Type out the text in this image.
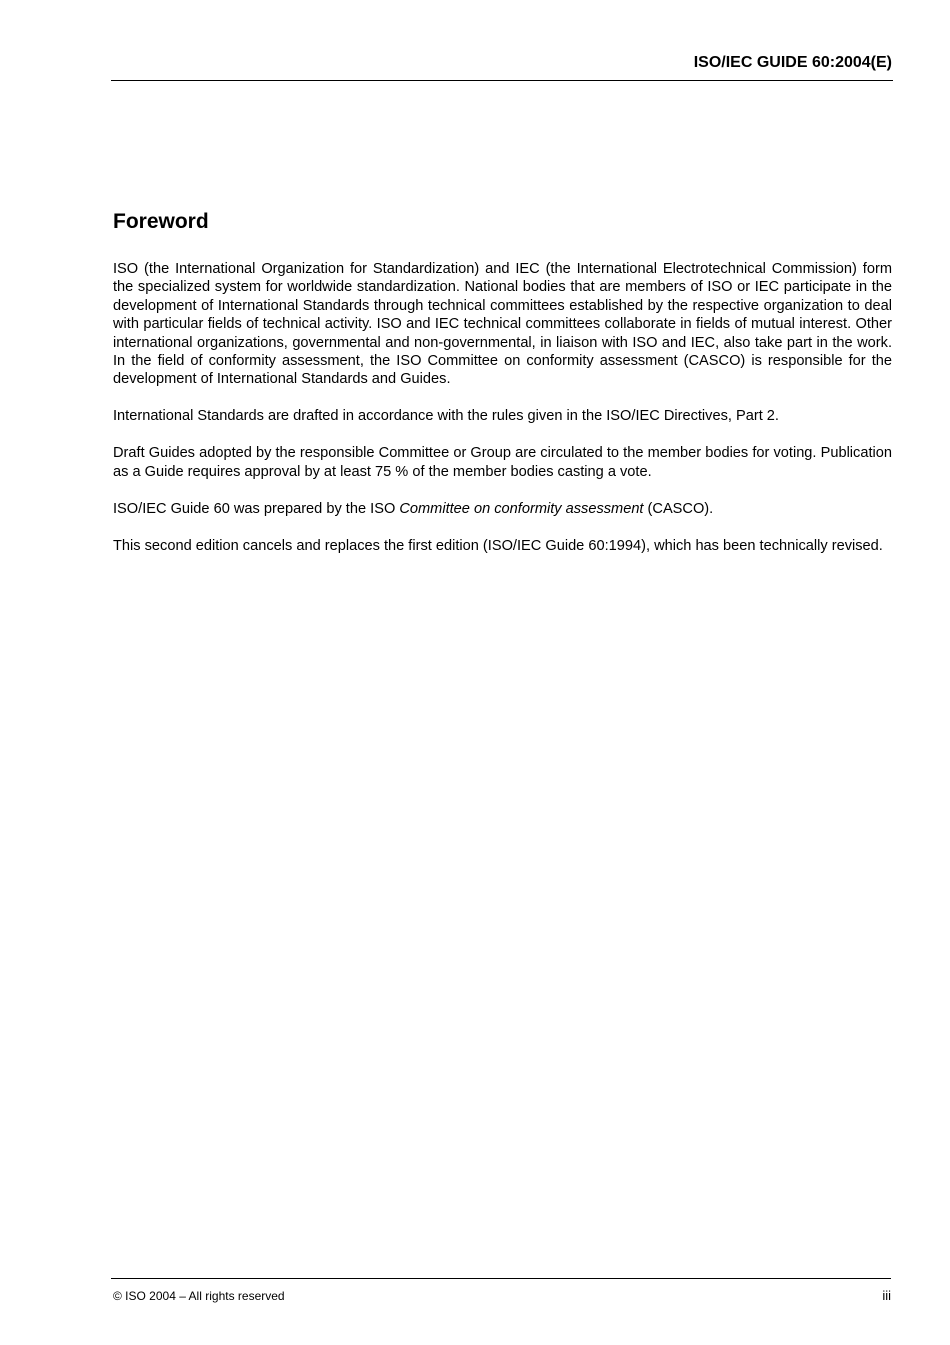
ISO/IEC GUIDE 60:2004(E)
Foreword

ISO (the International Organization for Standardization) and IEC (the International Electrotechnical Commission) form the specialized system for worldwide standardization. National bodies that are members of ISO or IEC participate in the development of International Standards through technical committees established by the respective organization to deal with particular fields of technical activity. ISO and IEC technical committees collaborate in fields of mutual interest. Other international organizations, governmental and non-governmental, in liaison with ISO and IEC, also take part in the work. In the field of conformity assessment, the ISO Committee on conformity assessment (CASCO) is responsible for the development of International Standards and Guides.

International Standards are drafted in accordance with the rules given in the ISO/IEC Directives, Part 2.

Draft Guides adopted by the responsible Committee or Group are circulated to the member bodies for voting. Publication as a Guide requires approval by at least 75 % of the member bodies casting a vote.

ISO/IEC Guide 60 was prepared by the ISO Committee on conformity assessment (CASCO).

This second edition cancels and replaces the first edition (ISO/IEC Guide 60:1994), which has been technically revised.

© ISO 2004 – All rights reserved	iii
